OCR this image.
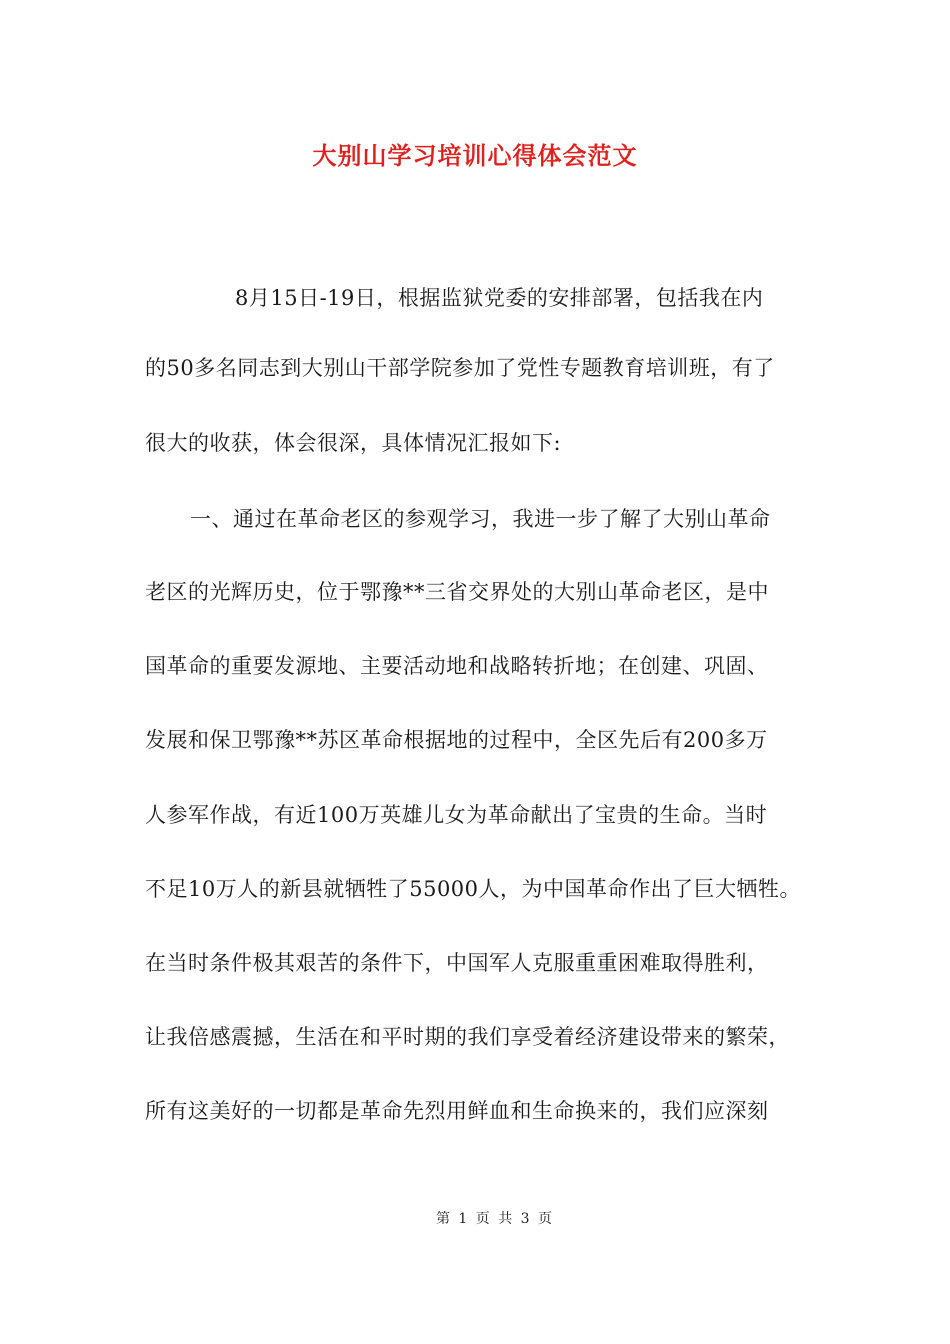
大别山学习培训心得体会范文
8月15日-19日，根据监狱党委的安排部署，包括我在内
的50多名同志到大别山干部学院参加了党性专题教育培训班，有了
很大的收获，体会很深，具体情况汇报如下:
一、通过在革命老区的参观学习，我进一步了解了大别山革命
老区的光辉历史，位于鄂豫**三省交界处的大别山革命老区，是中
国革命的重要发源地、主要活动地和战略转折地；在创建、巩固、
发展和保卫鄂豫**苏区革命根据地的过程中，全区先后有200多万
人参军作战，有近100万英雄儿女为革命献出了宝贵的生命。当时
不足10万人的新县就牺牲了55000人，为中国革命作出了巨大牺牲。
在当时条件极其艰苦的条件下，中国军人克服重重困难取得胜利，
让我倍感震撼，生活在和平时期的我们享受着经济建设带来的繁荣，
所有这美好的一切都是革命先烈用鲜血和生命换来的，我们应深刻
第 1 页 共 3 页
